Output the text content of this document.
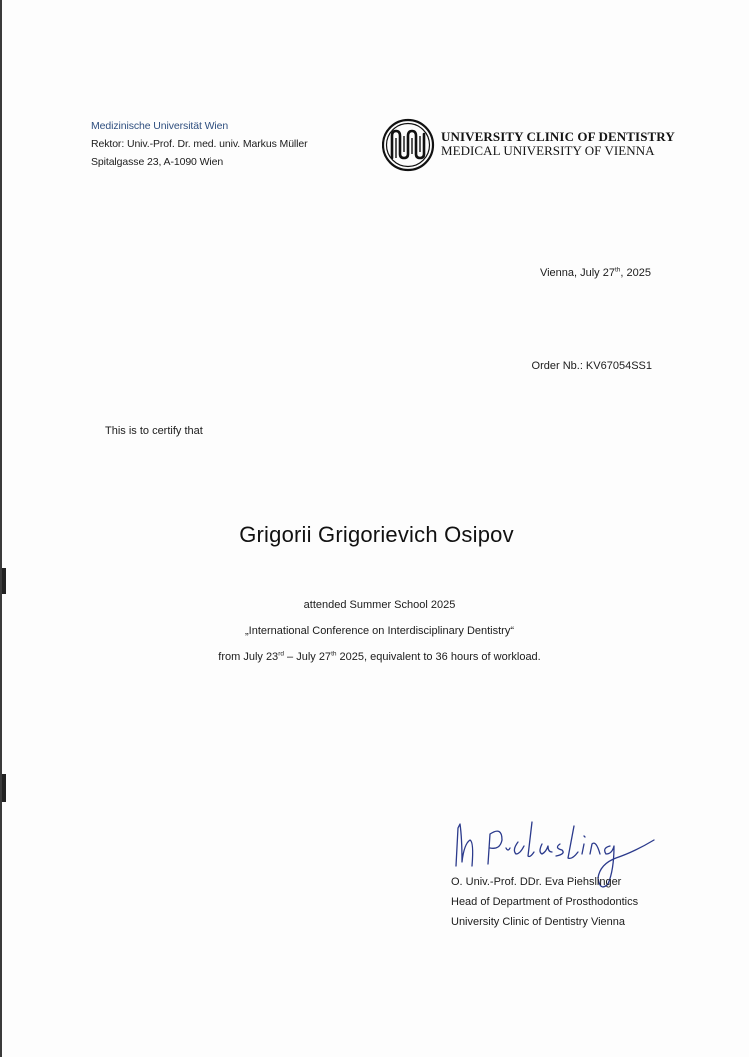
Medizinische Universität Wien
Rektor: Univ.-Prof. Dr. med. univ. Markus Müller
Spitalgasse 23, A-1090 Wien
UNIVERSITY CLINIC OF DENTISTRY
MEDICAL UNIVERSITY OF VIENNA
Vienna, July 27th, 2025
Order Nb.: KV67054SS1
This is to certify that
Grigorii Grigorievich Osipov
attended Summer School 2025
„International Conference on Interdisciplinary Dentistry“
from July 23rd – July 27th 2025, equivalent to 36 hours of workload.
O. Univ.-Prof. DDr. Eva Piehslinger
Head of Department of Prosthodontics
University Clinic of Dentistry Vienna
